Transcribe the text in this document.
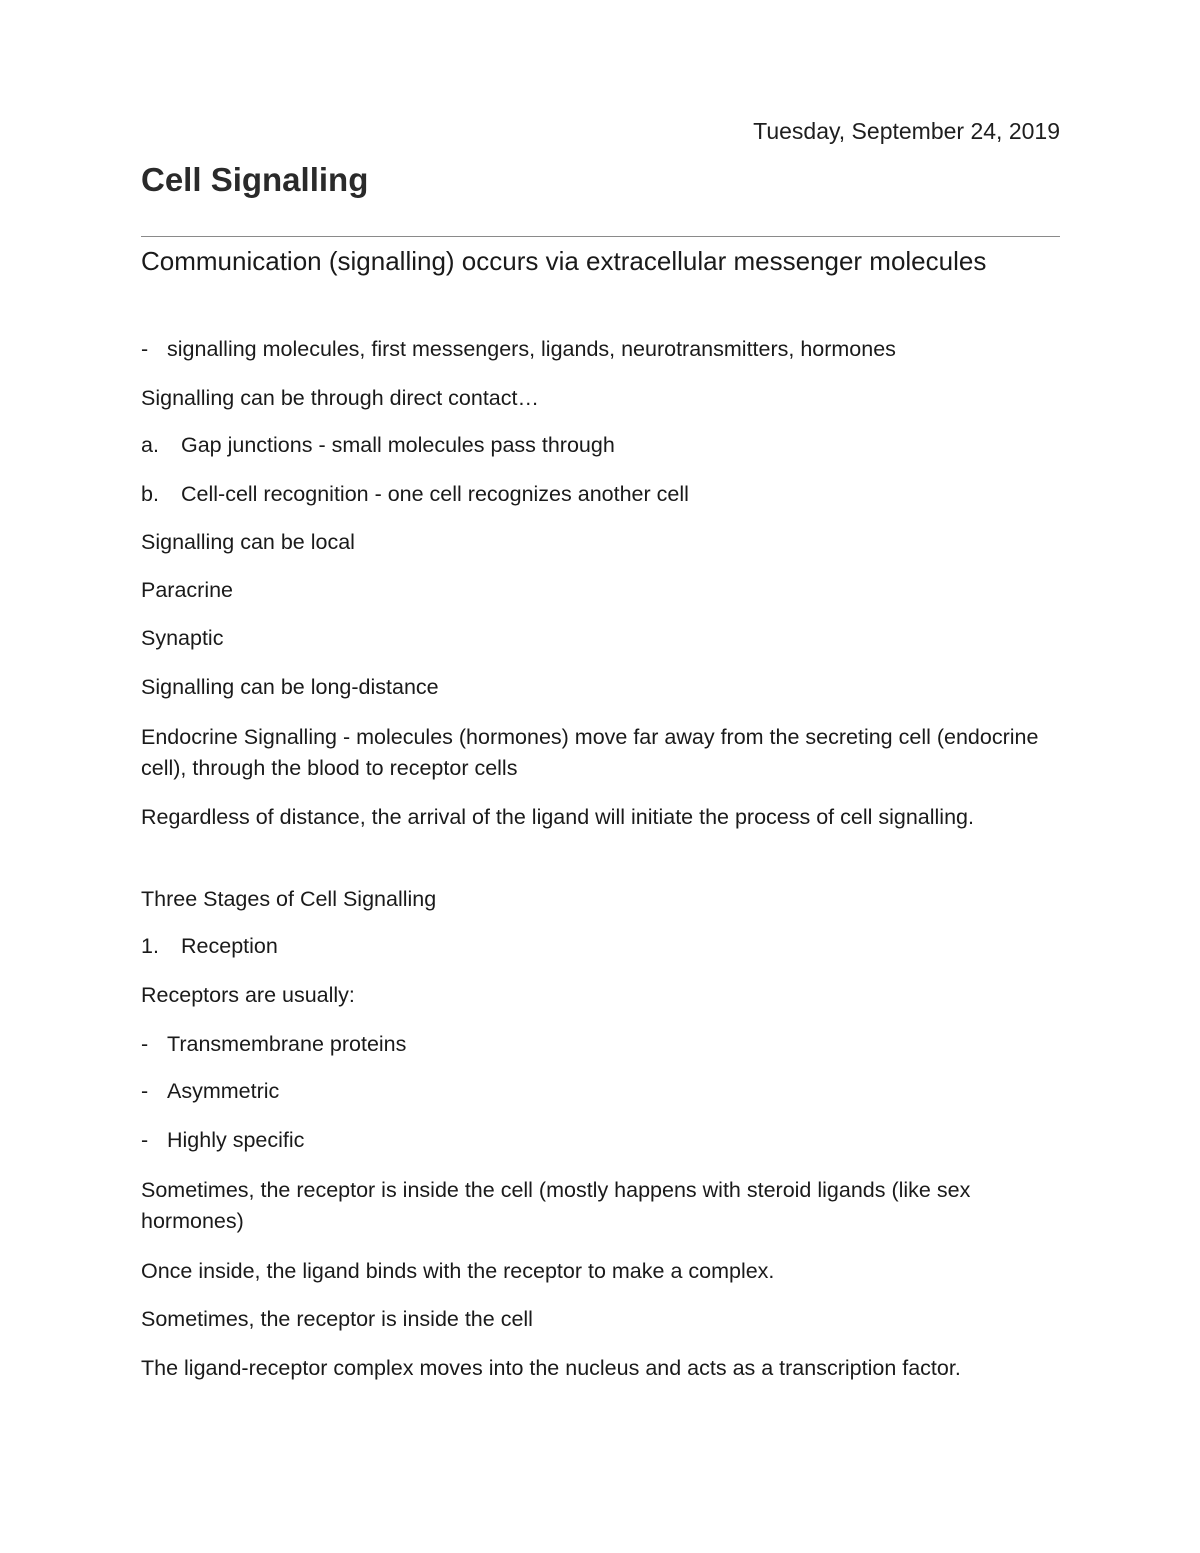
Tuesday, September 24, 2019
Cell Signalling
Communication (signalling) occurs via extracellular messenger molecules
- signalling molecules, first messengers, ligands, neurotransmitters, hormones
Signalling can be through direct contact…
a. Gap junctions - small molecules pass through
b. Cell-cell recognition - one cell recognizes another cell
Signalling can be local
Paracrine
Synaptic
Signalling can be long-distance
Endocrine Signalling - molecules (hormones) move far away from the secreting cell (endocrine cell), through the blood to receptor cells
Regardless of distance, the arrival of the ligand will initiate the process of cell signalling.
Three Stages of Cell Signalling
1. Reception
Receptors are usually:
- Transmembrane proteins
- Asymmetric
- Highly specific
Sometimes, the receptor is inside the cell (mostly happens with steroid ligands (like sex hormones)
Once inside, the ligand binds with the receptor to make a complex.
Sometimes, the receptor is inside the cell
The ligand-receptor complex moves into the nucleus and acts as a transcription factor.
